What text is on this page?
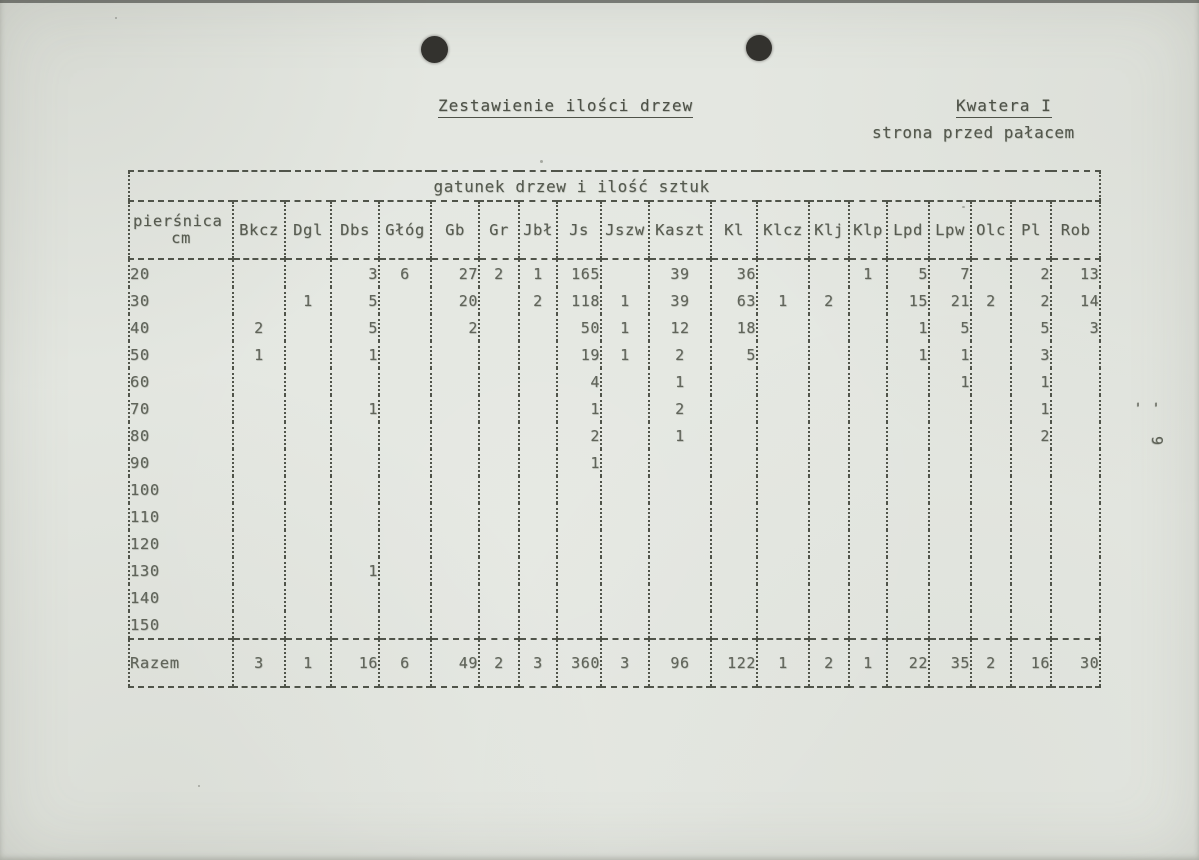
Zestawienie ilości drzew	Kwatera I
strona przed pałacem
gatunek drzew i ilość sztuk																			

pierśnica
cm	Bkcz	Dgl	Dbs	Głóg	Gb	Gr	Jbł	Js	Jszw	Kaszt	Kl	Klcz	Klj	Klp	Lpd	Lpw	Olc	Pl	Rob
20			3	6	27	2	1	165		39	36			1	5	7		2	13
30		1	5		20		2	118	1	39	63	1	2		15	21	2	2	14
40	2		5		2			50	1	12	18				1	5		5	3
50	1		1					19	1	2	5				1	1		3	
60								4		1						1		1	
70			1					1		2								1	
80								2		1								2	
90								1											
100																			
110																			
120																			
130			1																
140																			
150																			
Razem	3	1	16	6	49	2	3	360	3	96	122	1	2	1	22	35	2	16	30
- 9 -
